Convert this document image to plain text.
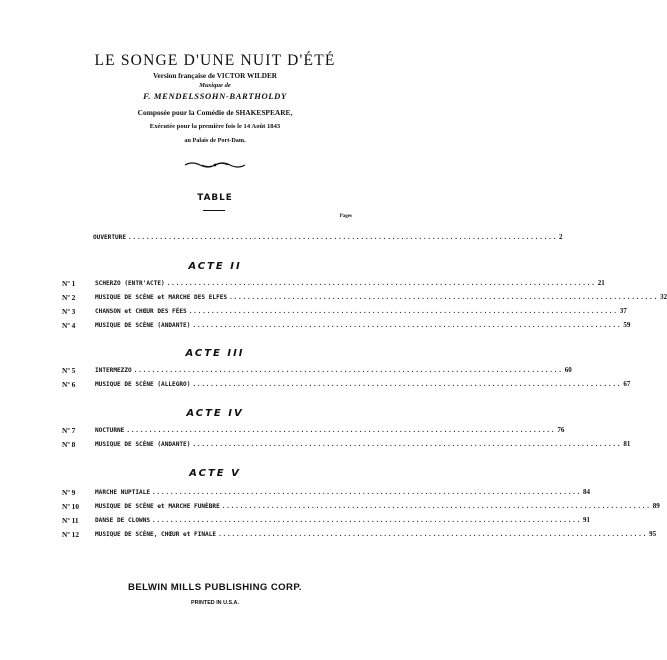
LE SONGE D'UNE NUIT D'ÉTÉ
Version française de VICTOR WILDER
Musique de
F. MENDELSSOHN-BARTHOLDY
Composée pour la Comédie de SHAKESPEARE,
Exécutée pour la première fois le 14 Août 1843
au Palais de Port-Dam.
TABLE
Pages
OUVERTURE ................................................................................................ 2
ACTE II
Nº 1	SCHERZO (ENTR'ACTE) ................................................................................................ 21
Nº 2	MUSIQUE DE SCÈNE et MARCHE DES ELFES ................................................................................................ 32
Nº 3	CHANSON et CHŒUR DES FÉES ................................................................................................ 37
Nº 4	MUSIQUE DE SCÈNE (ANDANTE) ................................................................................................ 59
ACTE III
Nº 5	INTERMEZZO ................................................................................................ 60
Nº 6	MUSIQUE DE SCÈNE (ALLEGRO) ................................................................................................ 67
ACTE IV
Nº 7	NOCTURNE ................................................................................................ 76
Nº 8	MUSIQUE DE SCÈNE (ANDANTE) ................................................................................................ 81
ACTE V
Nº 9	MARCHE NUPTIALE ................................................................................................ 84
Nº 10	MUSIQUE DE SCÈNE et MARCHE FUNÈBRE ................................................................................................ 89
Nº 11	DANSE DE CLOWNS ................................................................................................ 91
Nº 12	MUSIQUE DE SCÈNE, CHŒUR et FINALE ................................................................................................ 95
BELWIN MILLS PUBLISHING CORP.
PRINTED IN U.S.A.
